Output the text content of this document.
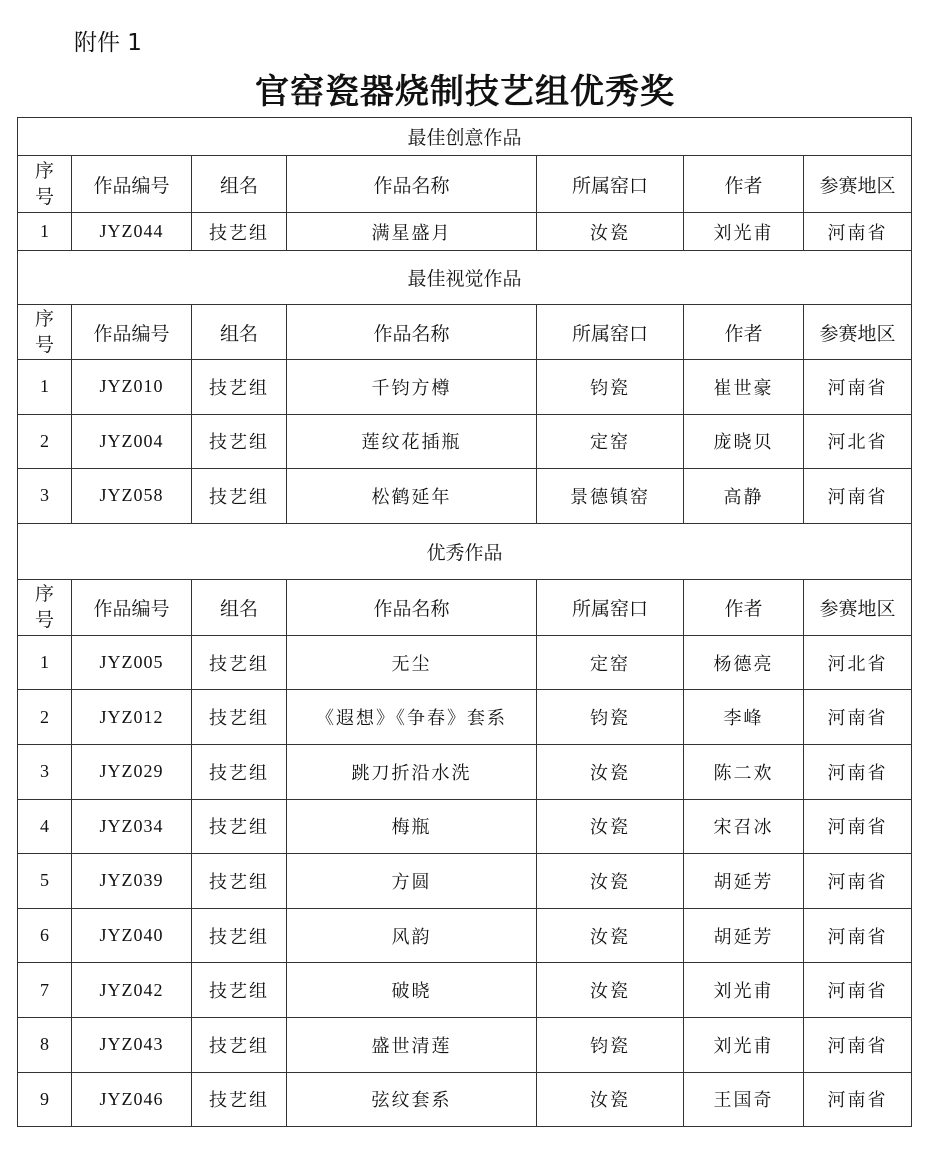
附件 1
官窑瓷器烧制技艺组优秀奖
最佳创意作品						

序
号	作品编号	组名	作品名称	所属窑口	作者	参赛地区
1	JYZ044	技艺组	满星盛月	汝瓷	刘光甫	河南省
最佳视觉作品						

序
号	作品编号	组名	作品名称	所属窑口	作者	参赛地区
1	JYZ010	技艺组	千钧方樽	钧瓷	崔世豪	河南省
2	JYZ004	技艺组	莲纹花插瓶	定窑	庞晓贝	河北省
3	JYZ058	技艺组	松鹤延年	景德镇窑	高静	河南省
优秀作品						

序
号	作品编号	组名	作品名称	所属窑口	作者	参赛地区
1	JYZ005	技艺组	无尘	定窑	杨德亮	河北省
2	JYZ012	技艺组	《遐想》《争春》套系	钧瓷	李峰	河南省
3	JYZ029	技艺组	跳刀折沿水洗	汝瓷	陈二欢	河南省
4	JYZ034	技艺组	梅瓶	汝瓷	宋召冰	河南省
5	JYZ039	技艺组	方圆	汝瓷	胡延芳	河南省
6	JYZ040	技艺组	风韵	汝瓷	胡延芳	河南省
7	JYZ042	技艺组	破晓	汝瓷	刘光甫	河南省
8	JYZ043	技艺组	盛世清莲	钧瓷	刘光甫	河南省
9	JYZ046	技艺组	弦纹套系	汝瓷	王国奇	河南省
